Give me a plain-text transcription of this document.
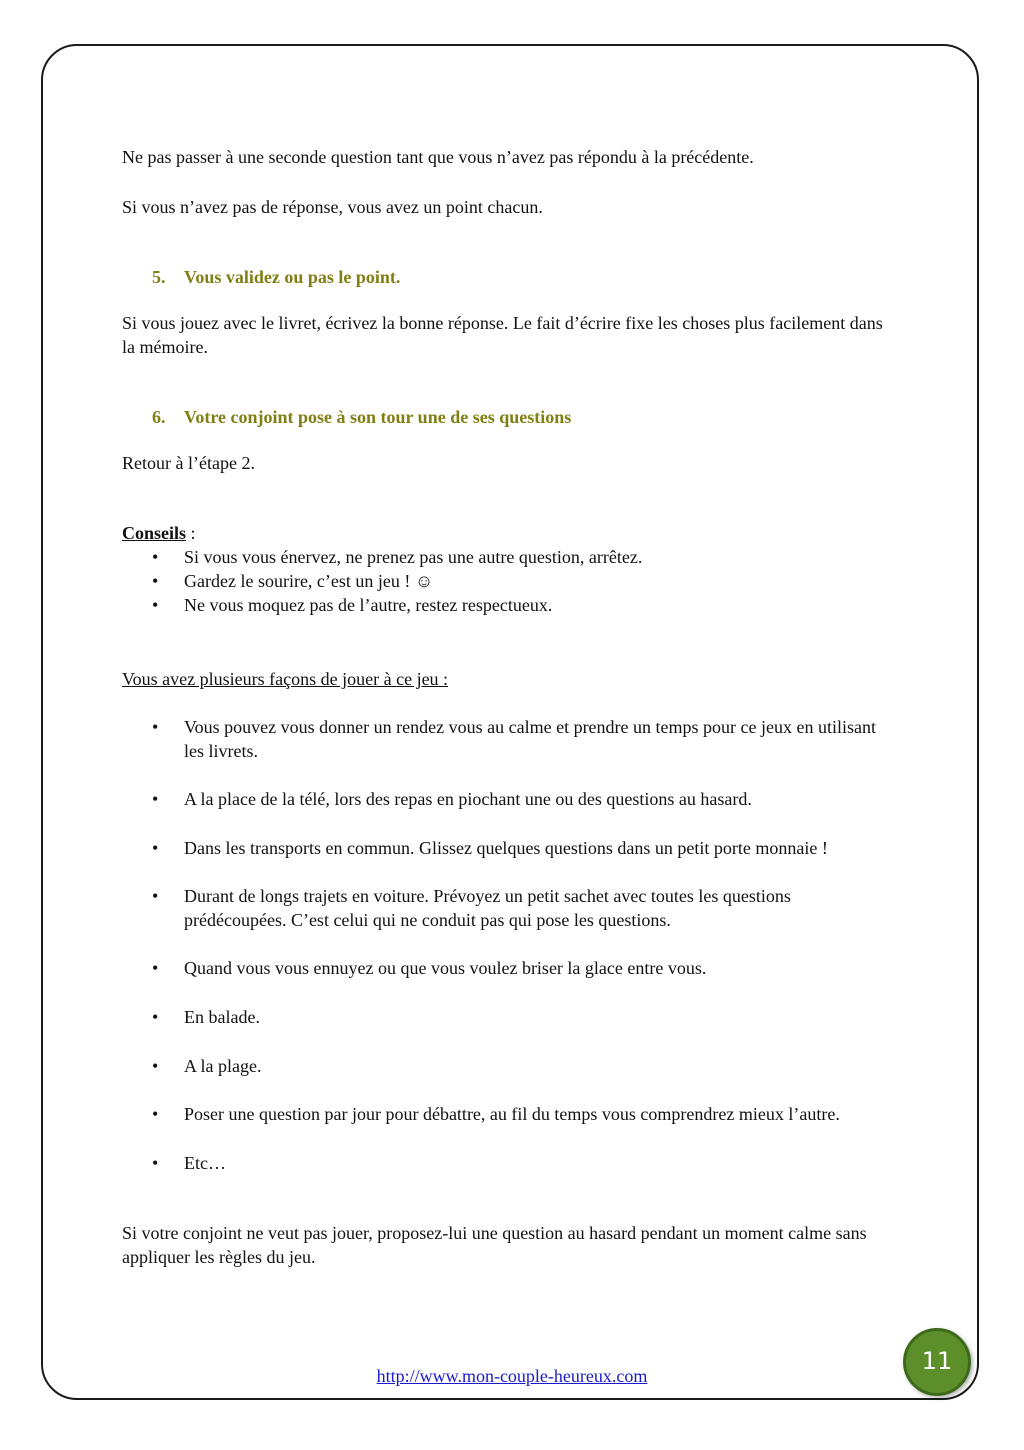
Ne pas passer à une seconde question tant que vous n’avez pas répondu à la précédente.

Si vous n’avez pas de réponse, vous avez un point chacun.

5. Vous validez ou pas le point.

Si vous jouez avec le livret, écrivez la bonne réponse. Le fait d’écrire fixe les choses plus facilement dans la mémoire.

6. Votre conjoint pose à son tour une de ses questions

Retour à l’étape 2.

Conseils :

• Si vous vous énervez, ne prenez pas une autre question, arrêtez.
• Gardez le sourire, c’est un jeu ! ☺
• Ne vous moquez pas de l’autre, restez respectueux.

Vous avez plusieurs façons de jouer à ce jeu :

• Vous pouvez vous donner un rendez vous au calme et prendre un temps pour ce jeux en utilisant les livrets.
• A la place de la télé, lors des repas en piochant une ou des questions au hasard.
• Dans les transports en commun. Glissez quelques questions dans un petit porte monnaie !
• Durant de longs trajets en voiture. Prévoyez un petit sachet avec toutes les questions prédécoupées. C’est celui qui ne conduit pas qui pose les questions.
• Quand vous vous ennuyez ou que vous voulez briser la glace entre vous.
• En balade.
• A la plage.
• Poser une question par jour pour débattre, au fil du temps vous comprendrez mieux l’autre.
• Etc…

Si votre conjoint ne veut pas jouer, proposez-lui une question au hasard pendant un moment calme sans appliquer les règles du jeu.

http://www.mon-couple-heureux.com
11
